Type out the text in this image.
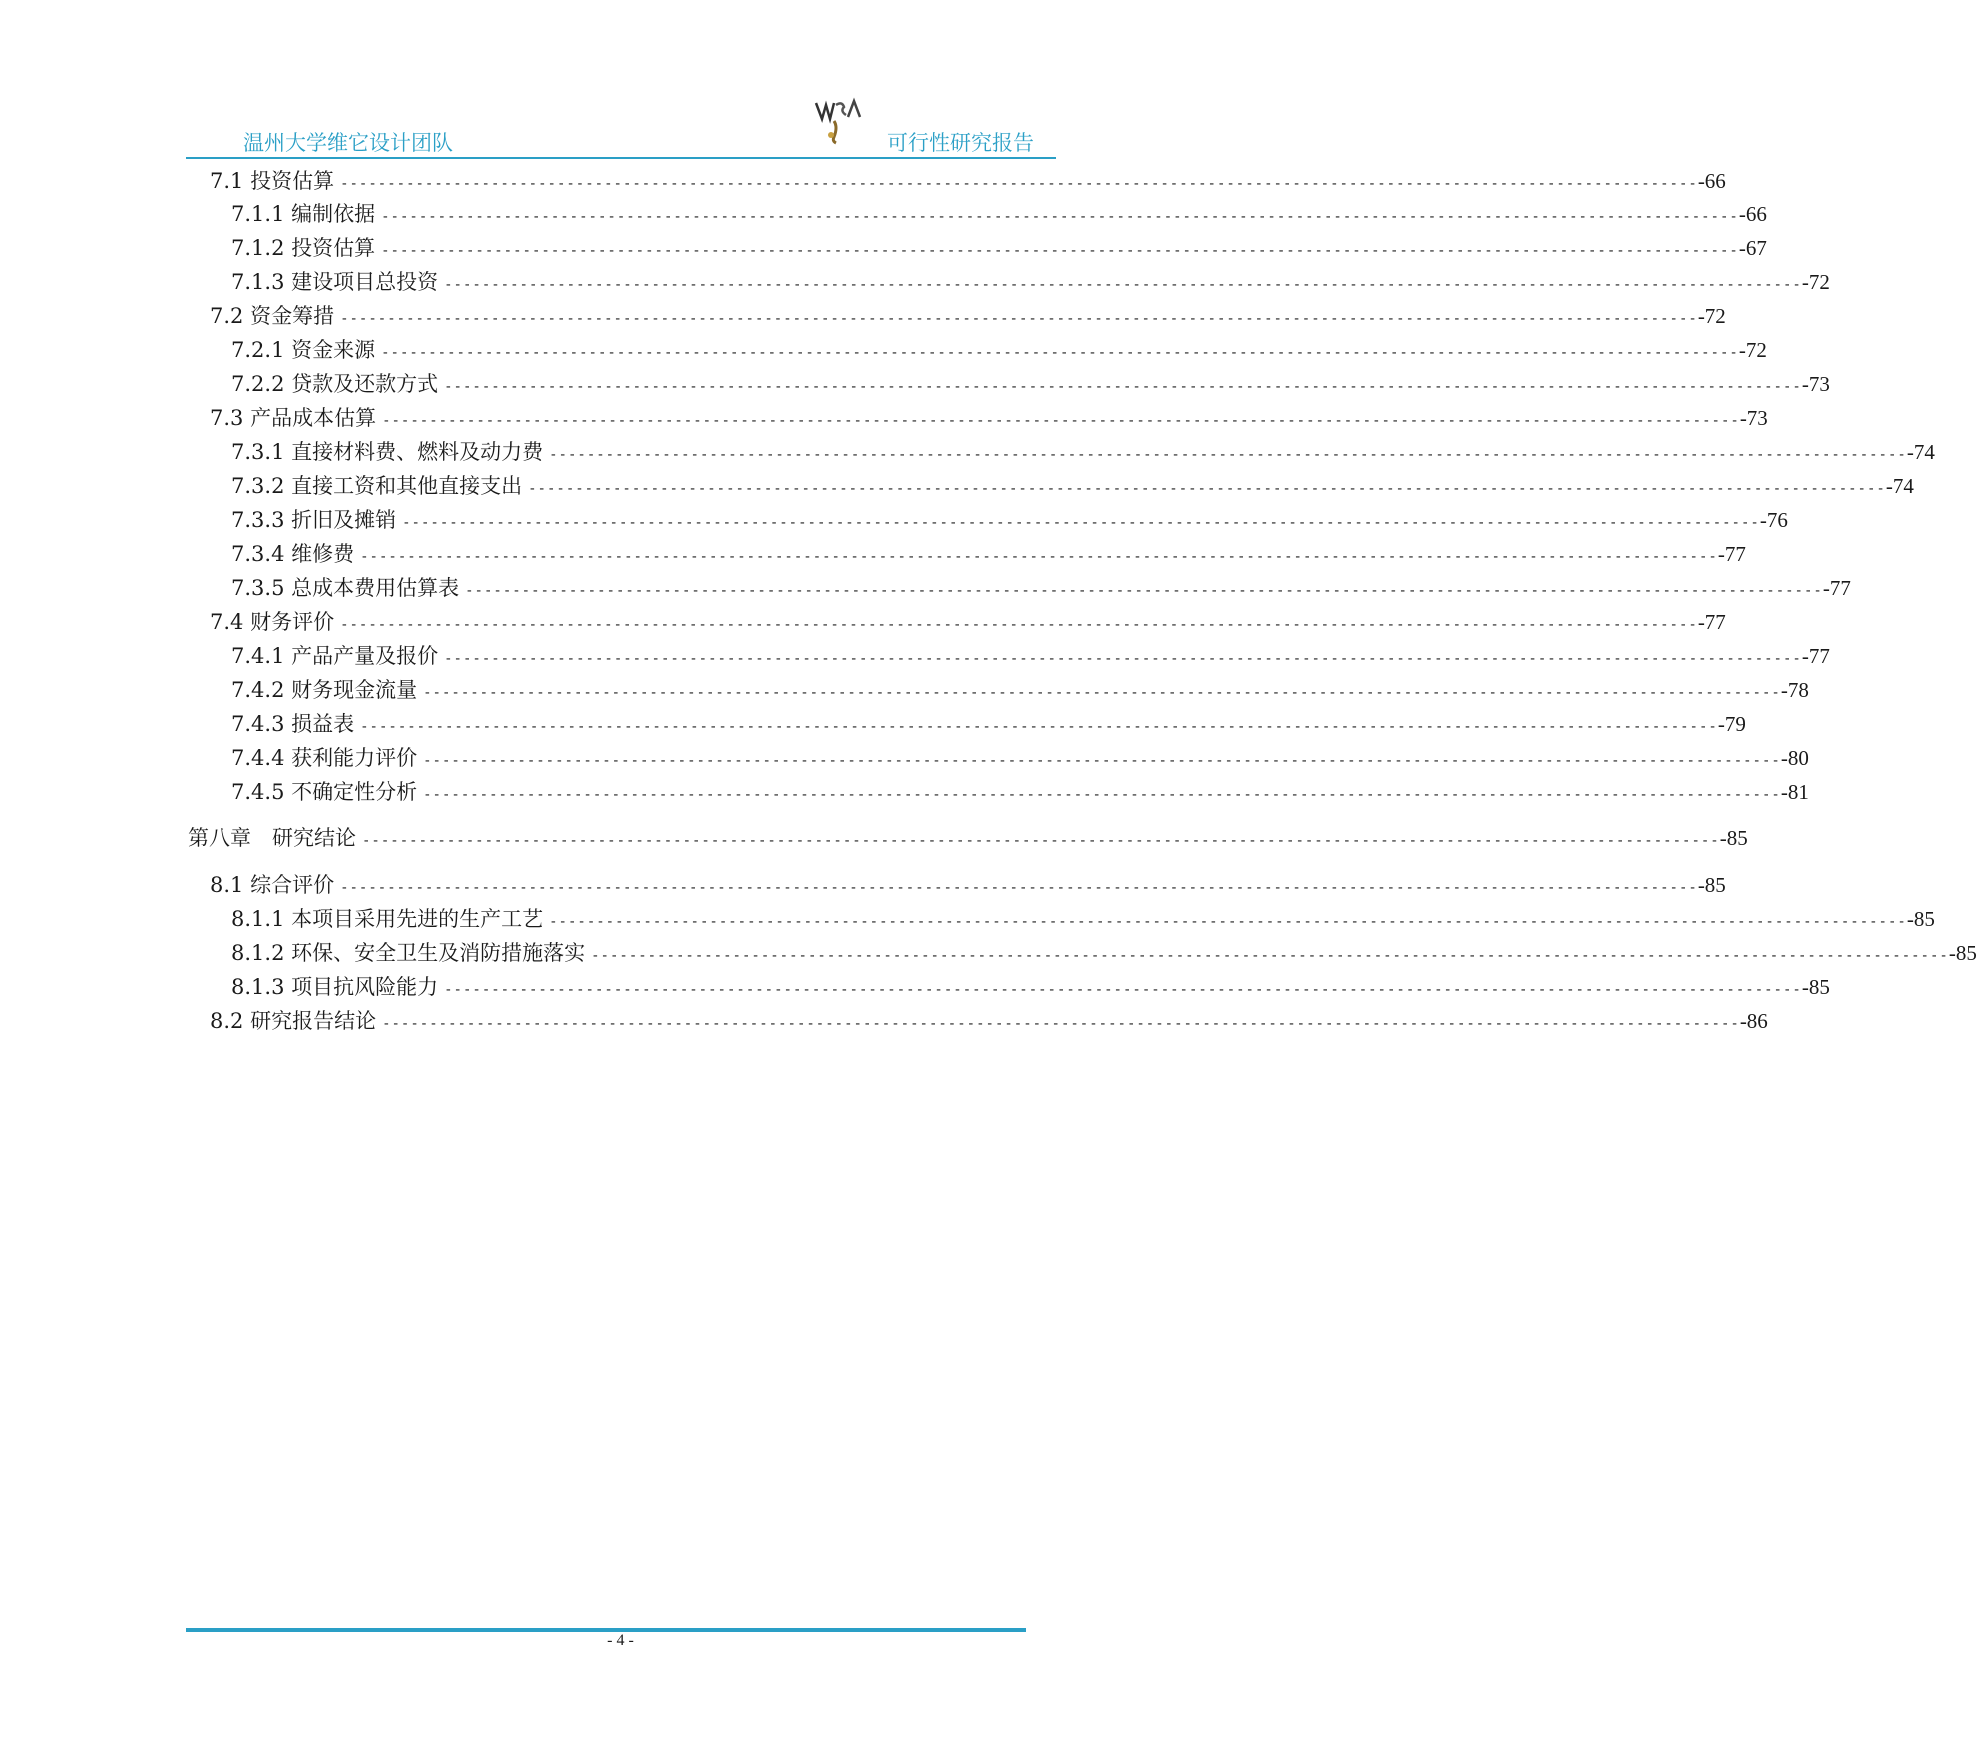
温州大学维它设计团队	可行性研究报告
7.1 投资估算 ------------------------------------------------------------------------------------------------------------------------------------------------ -66
7.1.1 编制依据 ------------------------------------------------------------------------------------------------------------------------------------------------ -66
7.1.2 投资估算 ------------------------------------------------------------------------------------------------------------------------------------------------ -67
7.1.3 建设项目总投资 ------------------------------------------------------------------------------------------------------------------------------------------------ -72
7.2 资金筹措 ------------------------------------------------------------------------------------------------------------------------------------------------ -72
7.2.1 资金来源 ------------------------------------------------------------------------------------------------------------------------------------------------ -72
7.2.2 贷款及还款方式 ------------------------------------------------------------------------------------------------------------------------------------------------ -73
7.3 产品成本估算 ------------------------------------------------------------------------------------------------------------------------------------------------ -73
7.3.1 直接材料费、燃料及动力费 ------------------------------------------------------------------------------------------------------------------------------------------------ -74
7.3.2 直接工资和其他直接支出 ------------------------------------------------------------------------------------------------------------------------------------------------ -74
7.3.3 折旧及摊销 ------------------------------------------------------------------------------------------------------------------------------------------------ -76
7.3.4 维修费 ------------------------------------------------------------------------------------------------------------------------------------------------ -77
7.3.5 总成本费用估算表 ------------------------------------------------------------------------------------------------------------------------------------------------ -77
7.4 财务评价 ------------------------------------------------------------------------------------------------------------------------------------------------ -77
7.4.1 产品产量及报价 ------------------------------------------------------------------------------------------------------------------------------------------------ -77
7.4.2 财务现金流量 ------------------------------------------------------------------------------------------------------------------------------------------------ -78
7.4.3 损益表 ------------------------------------------------------------------------------------------------------------------------------------------------ -79
7.4.4 获利能力评价 ------------------------------------------------------------------------------------------------------------------------------------------------ -80
7.4.5 不确定性分析 ------------------------------------------------------------------------------------------------------------------------------------------------ -81
第八章　研究结论 ------------------------------------------------------------------------------------------------------------------------------------------------ -85
8.1 综合评价 ------------------------------------------------------------------------------------------------------------------------------------------------ -85
8.1.1 本项目采用先进的生产工艺 ------------------------------------------------------------------------------------------------------------------------------------------------ -85
8.1.2 环保、安全卫生及消防措施落实 ------------------------------------------------------------------------------------------------------------------------------------------------ -85
8.1.3 项目抗风险能力 ------------------------------------------------------------------------------------------------------------------------------------------------ -85
8.2 研究报告结论 ------------------------------------------------------------------------------------------------------------------------------------------------ -86
- 4 -
